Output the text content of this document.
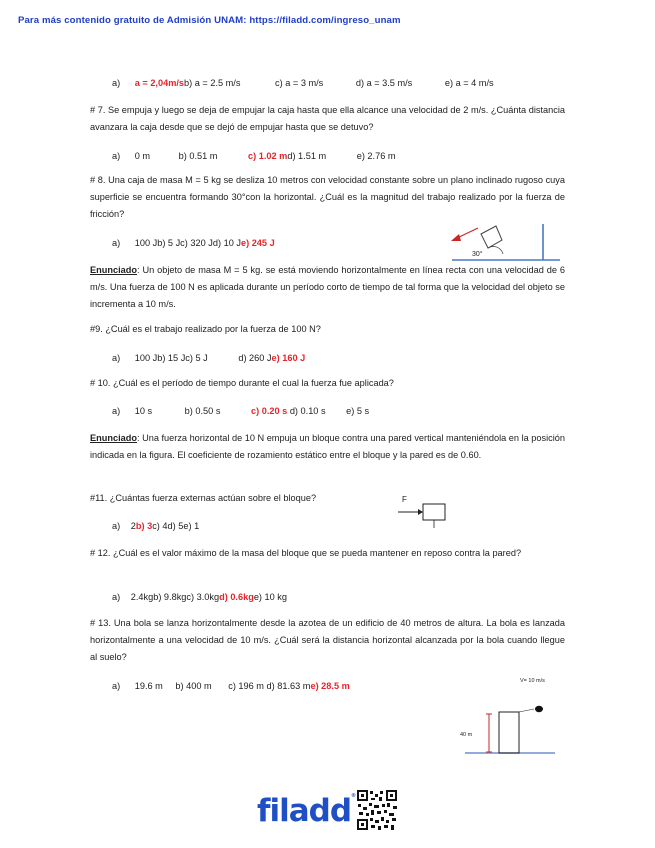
Para más contenido gratuito de Admisión UNAM: https://filadd.com/ingreso_unam
a) a = 2,04m/sb) a = 2.5 m/s	c) a = 3 m/s	d) a = 3.5 m/s	e) a = 4 m/s
# 7. Se empuja y luego se deja de empujar la caja hasta que ella alcance una velocidad de 2 m/s. ¿Cuánta distancia avanzara la caja desde que se dejó de empujar hasta que se detuvo?
a) 0 m	b) 0.51 m	c) 1.02 md) 1.51 m	e) 2.76 m
# 8. Una caja de masa M = 5 kg se desliza 10 metros con velocidad constante sobre un plano inclinado rugoso cuya superficie se encuentra formando 30°con la horizontal. ¿Cuál es la magnitud del trabajo realizado por la fuerza de fricción?
a) 100 Jb) 5 Jc) 320 Jd) 10 Je) 245 J
30°
Enunciado: Un objeto de masa M = 5 kg. se está moviendo horizontalmente en línea recta con una velocidad de 6 m/s. Una fuerza de 100 N es aplicada durante un período corto de tiempo de tal forma que la velocidad del objeto se incrementa a 10 m/s.
#9. ¿Cuál es el trabajo realizado por la fuerza de 100 N?
a) 100 Jb) 15 Jc) 5 J	d) 260 Je) 160 J
# 10. ¿Cuál es el período de tiempo durante el cual la fuerza fue aplicada?
a) 10 s	b) 0.50 s	c) 0.20 s d) 0.10 s e) 5 s
Enunciado: Una fuerza horizontal de 10 N empuja un bloque contra una pared vertical manteniéndola en la posición indicada en la figura. El coeficiente de rozamiento estático entre el bloque y la pared es de 0.60.
#11. ¿Cuántas fuerza externas actúan sobre el bloque?
a) 2b) 3c) 4d) 5e) 1
F
# 12. ¿Cuál es el valor máximo de la masa del bloque que se pueda mantener en reposo contra la pared?
a) 2.4kgb) 9.8kgc) 3.0kgd) 0.6kge) 10 kg
# 13. Una bola se lanza horizontalmente desde la azotea de un edificio de 40 metros de altura. La bola es lanzada horizontalmente a una velocidad de 10 m/s. ¿Cuál será la distancia horizontal alcanzada por la bola cuando llegue al suelo?
a) 19.6 m b) 400 m c) 196 m d) 81.63 me) 28.5 m	V= 10 m/s
40 m
filadd®
